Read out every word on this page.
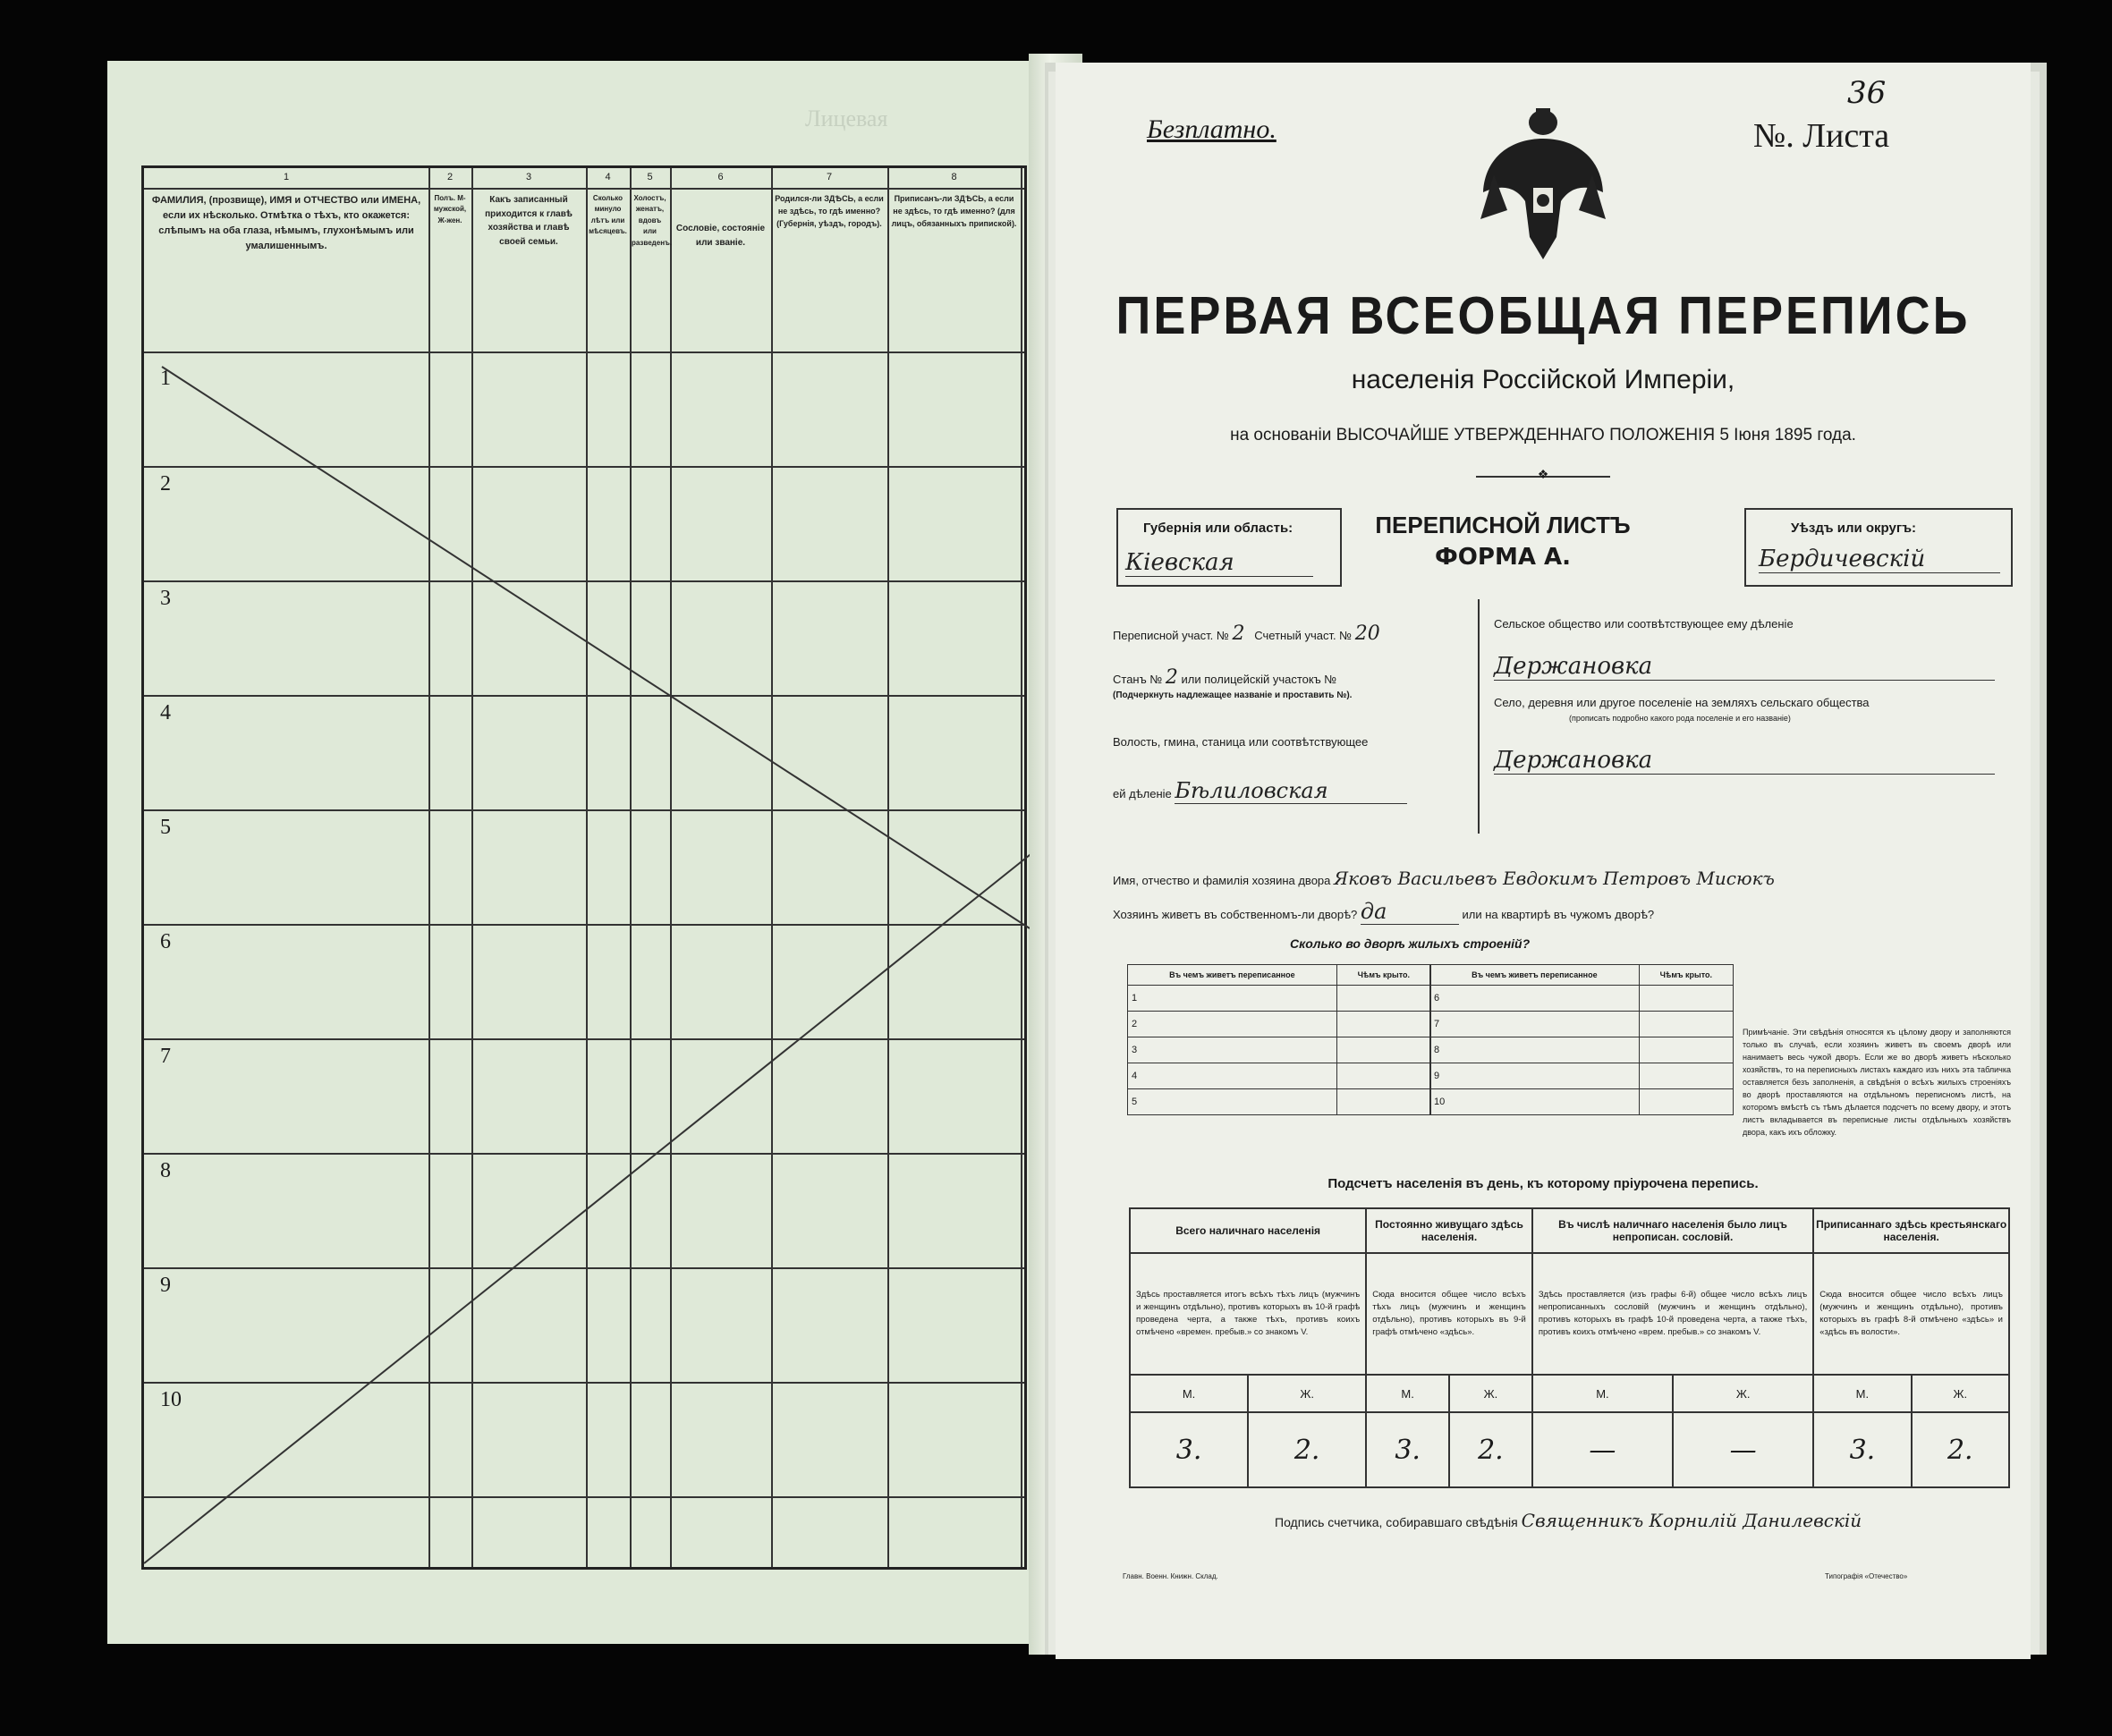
Лицевая
1	2	3	4	5	6	7	8
ФАМИЛИЯ, (прозвище), ИМЯ и ОТЧЕСТВО или ИМЕНА, если их нѣсколько. Отмѣтка о тѣхъ, кто окажется: слѣпымъ на оба глаза, нѣмымъ, глухонѣмымъ или умалишеннымъ.
Полъ. М-мужской, Ж-жен.
Какъ записанный приходится к главѣ хозяйства и главѣ своей семьи.
Сколько минуло лѣтъ или мѣсяцевъ.
Холостъ, женатъ, вдовъ или разведенъ.
Сословіе, состояніе или званіе.
Родился-ли ЗДѢСЬ, а если не здѣсь, то гдѣ именно? (Губернія, уѣздъ, городъ).
Приписанъ-ли ЗДѢСЬ, а если не здѣсь, то гдѣ именно? (для лицъ, обязанныхъ припиской).
1
2
3
4
5
6
7
8
9
10
Безплатно.	№. Листа
36
ПЕРВАЯ ВСЕОБЩАЯ ПЕРЕПИСЬ
населенія Россійской Имперіи,
на основаніи ВЫСОЧАЙШЕ УТВЕРЖДЕННАГО ПОЛОЖЕНІЯ 5 Іюня 1895 года.
❖
Губернія или область:
Кіевская
ПЕРЕПИСНОЙ ЛИСТЪ
ФОРМА А.
Уѣздъ или округъ:
Бердичевскій
Переписной участ. № 2 Счетный участ. № 20
Станъ № 2 или полицейскій участокъ №
(Подчеркнуть надлежащее названіе и проставить №).
Волость, гмина, станица или соотвѣтствующее
ей дѣленіе Бѣлиловская
Сельское общество или соотвѣтствующее ему дѣленіе
Держановка
Село, деревня или другое поселеніе на земляхъ сельскаго общества
(прописать подробно какого рода поселеніе и его названіе)
Держановка
Имя, отчество и фамилія хозяина двора Яковъ Васильевъ Евдокимъ Петровъ Мисюкъ
Хозяинъ живетъ въ собственномъ-ли дворѣ? да	или на квартирѣ въ чужомъ дворѣ?
Сколько во дворѣ жилыхъ строеній?
Въ чемъ живетъ переписанное	Чѣмъ крыто.
1	
2	
3	
4	
5	
Въ чемъ живетъ переписанное	Чѣмъ крыто.
6	
7	
8	
9	
10	
Примѣчаніе. Эти свѣдѣнія относятся къ цѣлому двору и заполняются только въ случаѣ, если хозяинъ живетъ въ своемъ дворѣ или нанимаетъ весь чужой дворъ. Если же во дворѣ живетъ нѣсколько хозяйствъ, то на переписныхъ листахъ каждаго изъ нихъ эта табличка оставляется безъ заполненія, а свѣдѣнія о всѣхъ жилыхъ строеніяхъ во дворѣ проставляются на отдѣльномъ переписномъ листѣ, на которомъ вмѣстѣ съ тѣмъ дѣлается подсчетъ по всему двору, и этотъ листъ вкладывается въ переписные листы отдѣльныхъ хозяйствъ двора, какъ ихъ обложку.
Подсчетъ населенія въ день, къ которому пріурочена перепись.
Всего наличнаго населенія		Постоянно живущаго здѣсь населенія.		Въ числѣ наличнаго населенія было лицъ непрописан. сословій.		Приписаннаго здѣсь крестьянскаго населенія.	
Здѣсь проставляется итогъ всѣхъ тѣхъ лицъ (мужчинъ и женщинъ отдѣльно), противъ которыхъ въ 10-й графѣ проведена черта, а также тѣхъ, противъ коихъ отмѣчено «времен. пребыв.» со знакомъ V.		Сюда вносится общее число всѣхъ тѣхъ лицъ (мужчинъ и женщинъ отдѣльно), противъ которыхъ въ 9-й графѣ отмѣчено «здѣсь».		Здѣсь проставляется (изъ графы 6-й) общее число всѣхъ лицъ непрописанныхъ сословій (мужчинъ и женщинъ отдѣльно), противъ которыхъ въ графѣ 10-й проведена черта, а также тѣхъ, противъ коихъ отмѣчено «врем. пребыв.» со знакомъ V.		Сюда вносится общее число всѣхъ лицъ (мужчинъ и женщинъ отдѣльно), противъ которыхъ въ графѣ 8-й отмѣчено «здѣсь» и «здѣсь въ волости».	
М.	Ж.	М.	Ж.	М.	Ж.	М.	Ж.
3.	2.	3.	2.	—	—	3.	2.
Подпись счетчика, собиравшаго свѣдѣнія Священникъ Корнилій Данилевскій
Главн. Военн. Книжн. Склад.	Типографія «Отечество»
